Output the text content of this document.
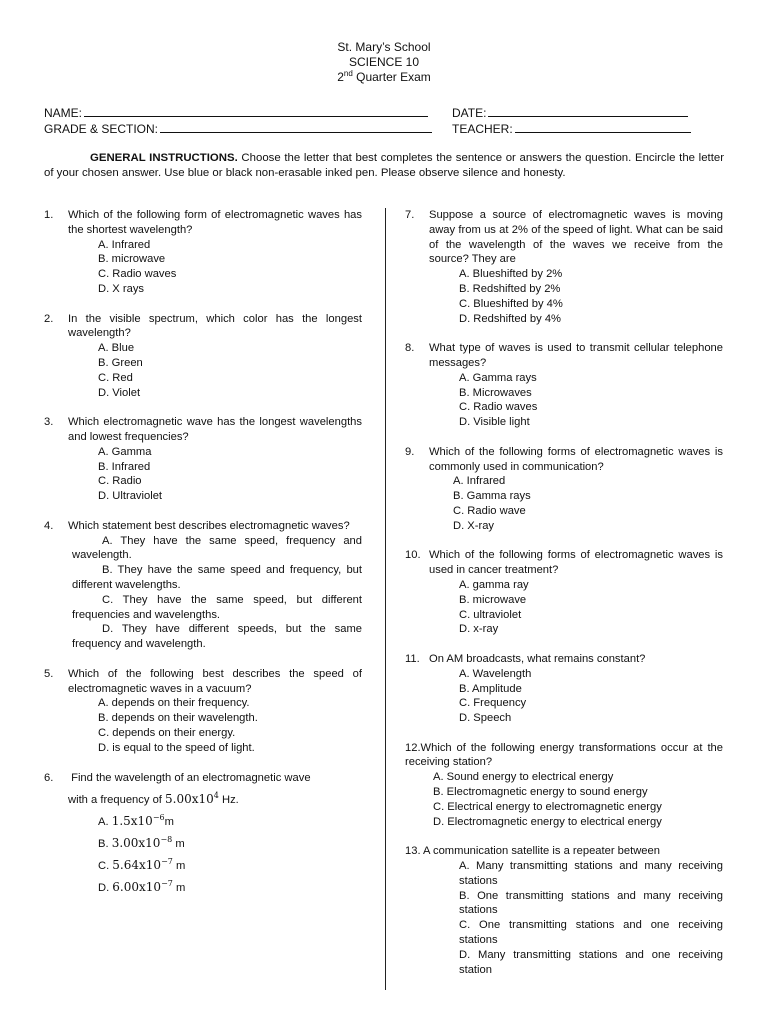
St. Mary’s School
SCIENCE 10
2nd Quarter Exam
NAME:	DATE:
GRADE & SECTION:	TEACHER:
GENERAL INSTRUCTIONS. Choose the letter that best completes the sentence or answers the question. Encircle the letter of your chosen answer. Use blue or black non-erasable inked pen. Please observe silence and honesty.
1. Which of the following form of electromagnetic waves has the shortest wavelength?
A. Infrared
B. microwave
C. Radio waves
D. X rays
2. In the visible spectrum, which color has the longest wavelength?
A. Blue
B. Green
C. Red
D. Violet
3. Which electromagnetic wave has the longest wavelengths and lowest frequencies?
A. Gamma
B. Infrared
C. Radio
D. Ultraviolet
4. Which statement best describes electromagnetic waves?
A. They have the same speed, frequency and wavelength.
B. They have the same speed and frequency, but different wavelengths.
C. They have the same speed, but different frequencies and wavelengths.
D. They have different speeds, but the same frequency and wavelength.
5. Which of the following best describes the speed of electromagnetic waves in a vacuum?
A. depends on their frequency.
B. depends on their wavelength.
C. depends on their energy.
D. is equal to the speed of light.
6. Find the wavelength of an electromagnetic wave
with a frequency of $5.00x10^4$ Hz.
A. $1.5x10^{-6}m$
B. $3.00x10^{-8}$ m
C. $5.64x10^{-7}$ m
D. $6.00x10^{-7}$ m
7. Suppose a source of electromagnetic waves is moving away from us at 2% of the speed of light. What can be said of the wavelength of the waves we receive from the source? They are
A. Blueshifted by 2%
B. Redshifted by 2%
C. Blueshifted by 4%
D. Redshifted by 4%
8. What type of waves is used to transmit cellular telephone messages?
A. Gamma rays
B. Microwaves
C. Radio waves
D. Visible light
9. Which of the following forms of electromagnetic waves is commonly used in communication?
A. Infrared
B. Gamma rays
C. Radio wave
D. X-ray
10. Which of the following forms of electromagnetic waves is used in cancer treatment?
A. gamma ray
B. microwave
C. ultraviolet
D. x-ray
11. On AM broadcasts, what remains constant?
A. Wavelength
B. Amplitude
C. Frequency
D. Speech
12.Which of the following energy transformations occur at the receiving station?
A. Sound energy to electrical energy
B. Electromagnetic energy to sound energy
C. Electrical energy to electromagnetic energy
D. Electromagnetic energy to electrical energy
13. A communication satellite is a repeater between
A. Many transmitting stations and many receiving stations
B. One transmitting stations and many receiving stations
C. One transmitting stations and one receiving stations
D. Many transmitting stations and one receiving station
